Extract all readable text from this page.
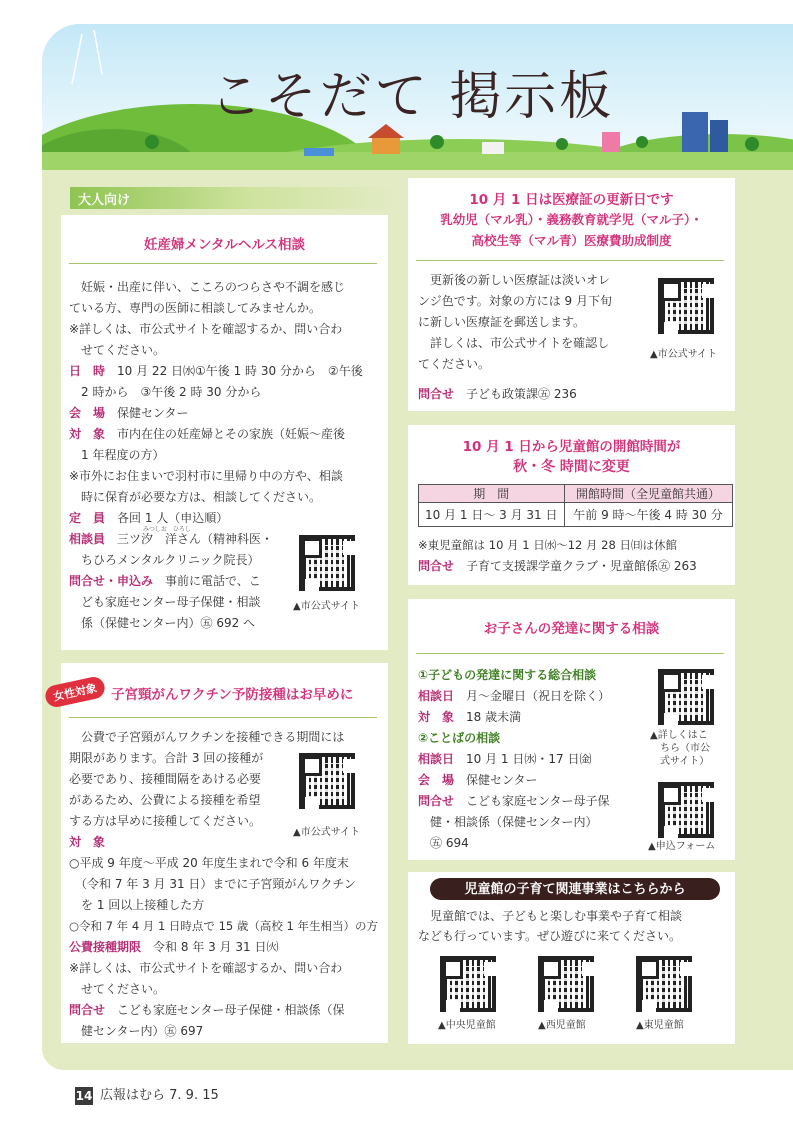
こそだて 掲示板
大人向け
妊産婦メンタルヘルス相談
　妊娠・出産に伴い、こころのつらさや不調を感じ
ている方、専門の医師に相談してみませんか。
※詳しくは、市公式サイトを確認するか、問い合わ
　せてください。
日　時　 10 月 22 日㈬①午後 1 時 30 分から　②午後
2 時から　③午後 2 時 30 分から
会　場　 保健センター
対　象　 市内在住の妊産婦とその家族（妊娠～産後
1 年程度の方）
※市外にお住まいで羽村市に里帰り中の方や、相談
　時に保育が必要な方は、相談してください。
定　員　 各回 1 人（申込順）
みつしお　ひろし
相談員　 三ツ汐　洋さん（精神科医・
ちひろメンタルクリニック院長）
問合せ・申込み　 事前に電話で、こ
ども家庭センター母子保健・相談
係（保健センター内）㊄ 692 へ
▲市公式サイト
女性対象 子宮頸がんワクチン予防接種はお早めに
　公費で子宮頸がんワクチンを接種できる期間には
期限があります。合計 3 回の接種が
必要であり、接種間隔をあける必要
があるため、公費による接種を希望
する方は早めに接種してください。
対　象
○平成 9 年度～平成 20 年度生まれで令和 6 年度末
（令和 7 年 3 月 31 日）までに子宮頸がんワクチン
を 1 回以上接種した方
○令和 7 年 4 月 1 日時点で 15 歳（高校 1 年生相当）の方
公費接種期限　 令和 8 年 3 月 31 日㈫
※詳しくは、市公式サイトを確認するか、問い合わ
　せてください。
問合せ　 こども家庭センター母子保健・相談係（保
健センター内）㊄ 697
▲市公式サイト
10 月 1 日は医療証の更新日です
乳幼児（マル乳）・義務教育就学児（マル子）・
高校生等（マル青）医療費助成制度
　更新後の新しい医療証は淡いオレ
ンジ色です。対象の方には 9 月下旬
に新しい医療証を郵送します。
　詳しくは、市公式サイトを確認し
てください。
問合せ　 子ども政策課㊄ 236
▲市公式サイト
10 月 1 日から児童館の開館時間が
秋・冬 時間に変更
期　間	開館時間（全児童館共通）
10 月 1 日～ 3 月 31 日	午前 9 時～午後 4 時 30 分
※東児童館は 10 月 1 日㈬～12 月 28 日㈰は休館
問合せ　 子育て支援課学童クラブ・児童館係㊄ 263
お子さんの発達に関する相談
①子どもの発達に関する総合相談
相談日　 月～金曜日（祝日を除く）
対　象　 18 歳未満
②ことばの相談
相談日　 10 月 1 日㈬・17 日㈮
会　場　 保健センター
問合せ　 こども家庭センター母子保
健・相談係（保健センター内）
㊄ 694
▲詳しくはこ
ちら（市公
式サイト）
▲申込フォーム
児童館の子育て関連事業はこちらから
　児童館では、子どもと楽しむ事業や子育て相談
なども行っています。ぜひ遊びに来てください。
▲中央児童館	▲西児童館	▲東児童館
14 広報はむら 7. 9. 15
